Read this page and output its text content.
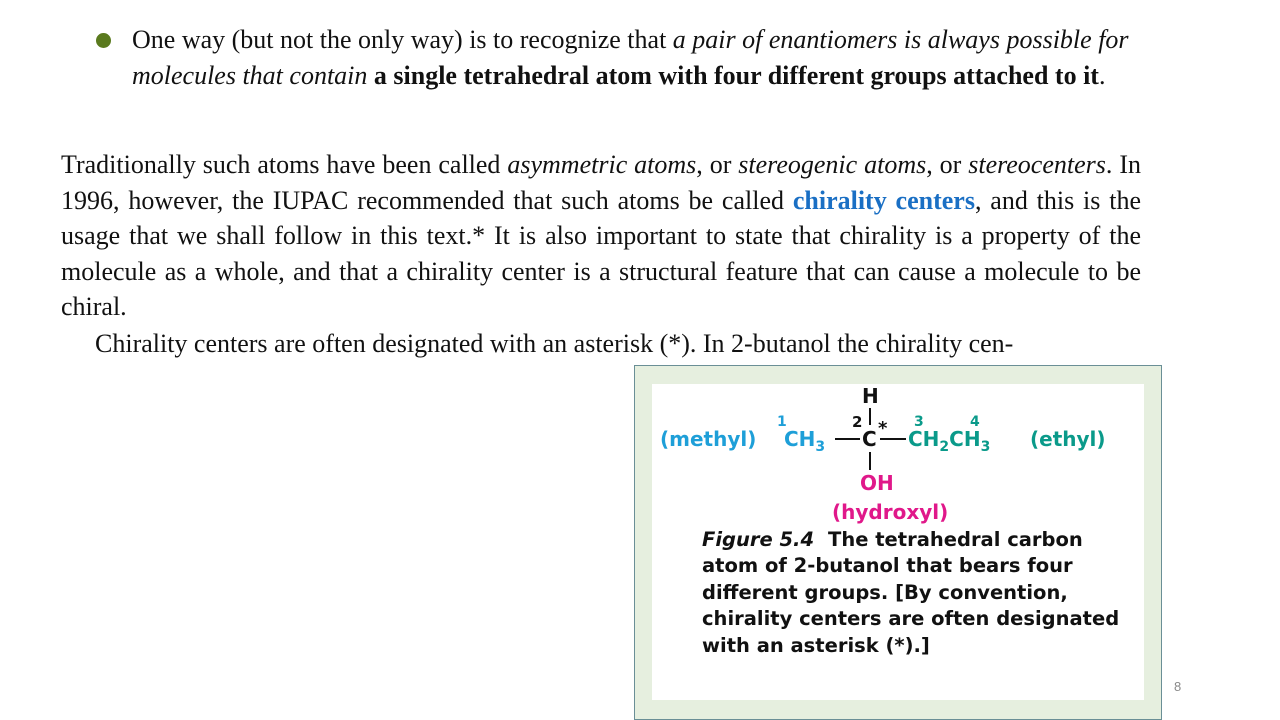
One way (but not the only way) is to recognize that a pair of enantiomers is always possible for molecules that contain a single tetrahedral atom with four different groups attached to it.
Traditionally such atoms have been called asymmetric atoms, or stereogenic atoms, or stereocenters. In 1996, however, the IUPAC recommended that such atoms be called chirality centers, and this is the usage that we shall follow in this text.* It is also important to state that chirality is a property of the molecule as a whole, and that a chirality center is a structural feature that can cause a molecule to be chiral.
Chirality centers are often designated with an asterisk (*). In 2-butanol the chirality cen-
H
2 *
1	3	4
(methyl) $CH_3$ C $CH_2CH_3$ (ethyl)
OH
(hydroxyl)
Figure 5.4 The tetrahedral carbon atom of 2-butanol that bears four different groups. [By convention, chirality centers are often designated with an asterisk (*).]
8
